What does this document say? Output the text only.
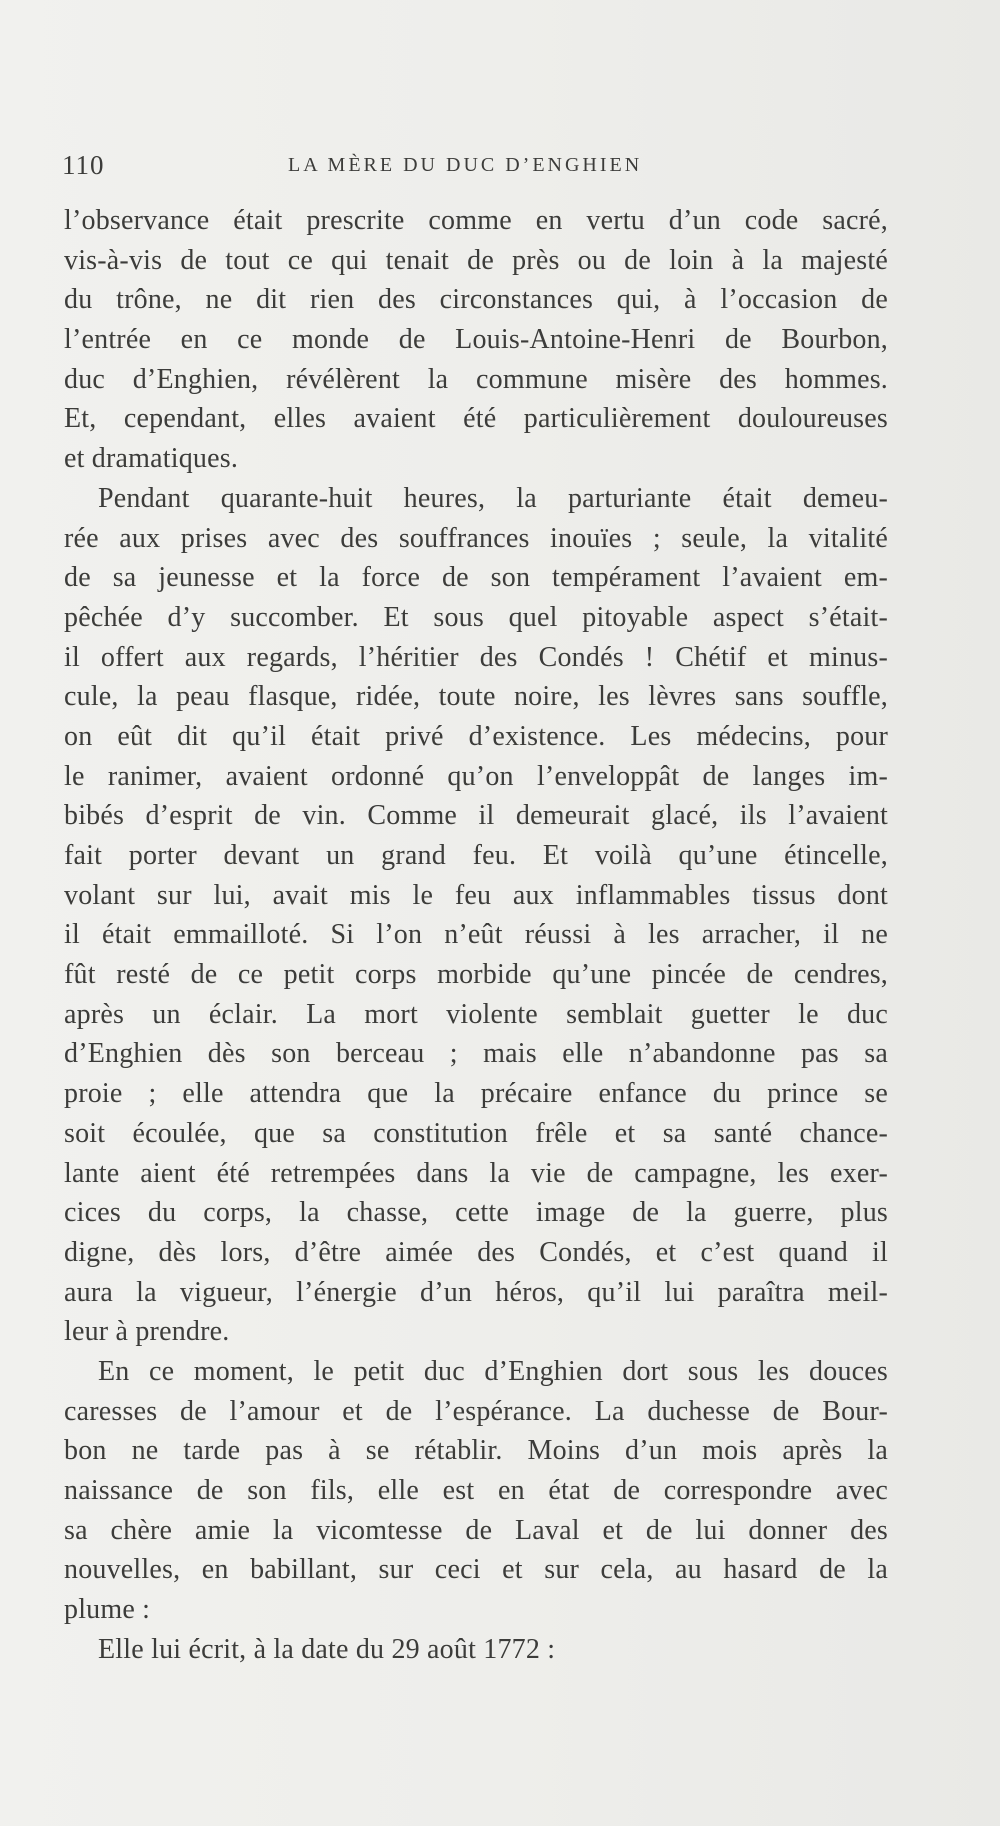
110	LA MÈRE DU DUC D’ENGHIEN
l’observance était prescrite comme en vertu d’un code sacré,
vis-à-vis de tout ce qui tenait de près ou de loin à la majesté
du trône, ne dit rien des circonstances qui, à l’occasion de
l’entrée en ce monde de Louis-Antoine-Henri de Bourbon,
duc d’Enghien, révélèrent la commune misère des hommes.
Et, cependant, elles avaient été particulièrement douloureuses
et dramatiques.
Pendant quarante-huit heures, la parturiante était demeu-
rée aux prises avec des souffrances inouïes ; seule, la vitalité
de sa jeunesse et la force de son tempérament l’avaient em-
pêchée d’y succomber. Et sous quel pitoyable aspect s’était-
il offert aux regards, l’héritier des Condés ! Chétif et minus-
cule, la peau flasque, ridée, toute noire, les lèvres sans souffle,
on eût dit qu’il était privé d’existence. Les médecins, pour
le ranimer, avaient ordonné qu’on l’enveloppât de langes im-
bibés d’esprit de vin. Comme il demeurait glacé, ils l’avaient
fait porter devant un grand feu. Et voilà qu’une étincelle,
volant sur lui, avait mis le feu aux inflammables tissus dont
il était emmailloté. Si l’on n’eût réussi à les arracher, il ne
fût resté de ce petit corps morbide qu’une pincée de cendres,
après un éclair. La mort violente semblait guetter le duc
d’Enghien dès son berceau ; mais elle n’abandonne pas sa
proie ; elle attendra que la précaire enfance du prince se
soit écoulée, que sa constitution frêle et sa santé chance-
lante aient été retrempées dans la vie de campagne, les exer-
cices du corps, la chasse, cette image de la guerre, plus
digne, dès lors, d’être aimée des Condés, et c’est quand il
aura la vigueur, l’énergie d’un héros, qu’il lui paraîtra meil-
leur à prendre.
En ce moment, le petit duc d’Enghien dort sous les douces
caresses de l’amour et de l’espérance. La duchesse de Bour-
bon ne tarde pas à se rétablir. Moins d’un mois après la
naissance de son fils, elle est en état de correspondre avec
sa chère amie la vicomtesse de Laval et de lui donner des
nouvelles, en babillant, sur ceci et sur cela, au hasard de la
plume :
Elle lui écrit, à la date du 29 août 1772 :
